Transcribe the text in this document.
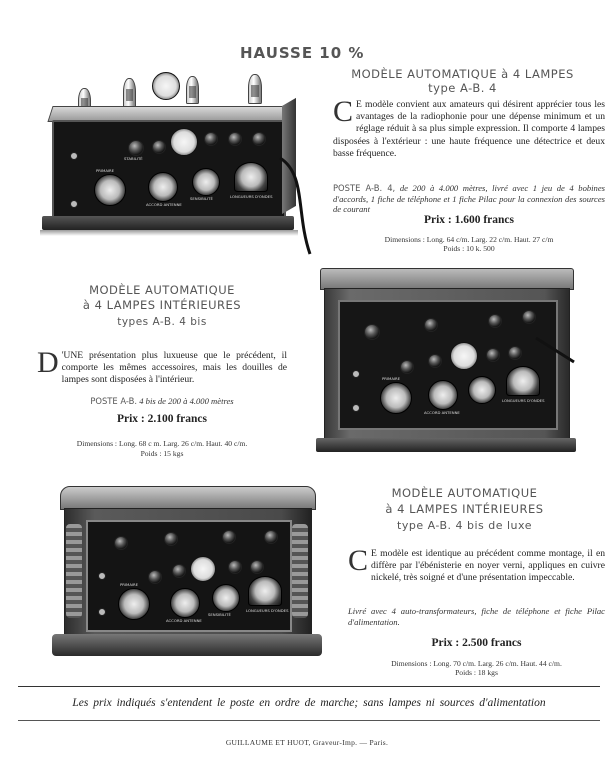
HAUSSE 10 %
MODÈLE AUTOMATIQUE à 4 LAMPES
type A-B. 4
C E modèle convient aux amateurs qui désirent apprécier tous les avantages de la radiophonie pour une dépense minimum et un réglage réduit à sa plus simple expression. Il comporte 4 lampes disposées à l'extérieur : une haute fréquence une détectrice et deux basse fréquence.
POSTE A-B. 4, de 200 à 4.000 mètres, livré avec 1 jeu de 4 bobines d'accords, 1 fiche de téléphone et 1 fiche Pilac pour la connexion des sources de courant
Prix : 1.600 francs
Dimensions : Long. 64 c/m. Larg. 22 c/m. Haut. 27 c/m
Poids : 10 k. 500
PRIMAIRE
STABILITÉ
ACCORD ANTENNE
SENSIBILITÉ	LONGUEURS D'ONDES
MODÈLE AUTOMATIQUE
à 4 LAMPES INTÉRIEURES
types A-B. 4 bis
D 'UNE présentation plus luxueuse que le précédent, il comporte les mêmes accessoires, mais les douilles de lampes sont disposées à l'intérieur.
POSTE A-B. 4 bis de 200 à 4.000 mètres
Prix : 2.100 francs
Dimensions : Long. 68 c m. Larg. 26 c/m. Haut. 40 c/m.
Poids : 15 kgs
PRIMAIRE
ACCORD ANTENNE
LONGUEURS D'ONDES
MODÈLE AUTOMATIQUE
à 4 LAMPES INTÉRIEURES
type A-B. 4 bis de luxe
C E modèle est identique au précédent comme montage, il en diffère par l'ébénisterie en noyer verni, appliques en cuivre nickelé, très soigné et d'une présentation impeccable.
Livré avec 4 auto-transformateurs, fiche de téléphone et fiche Pilac d'alimentation.
Prix : 2.500 francs
Dimensions : Long. 70 c/m. Larg. 26 c/m. Haut. 44 c/m.
Poids : 18 kgs
PRIMAIRE
ACCORD ANTENNE
SENSIBILITÉ
LONGUEURS D'ONDES
Les prix indiqués s'entendent le poste en ordre de marche; sans lampes ni sources d'alimentation
GUILLAUME ET HUOT, Graveur-Imp. — Paris.
